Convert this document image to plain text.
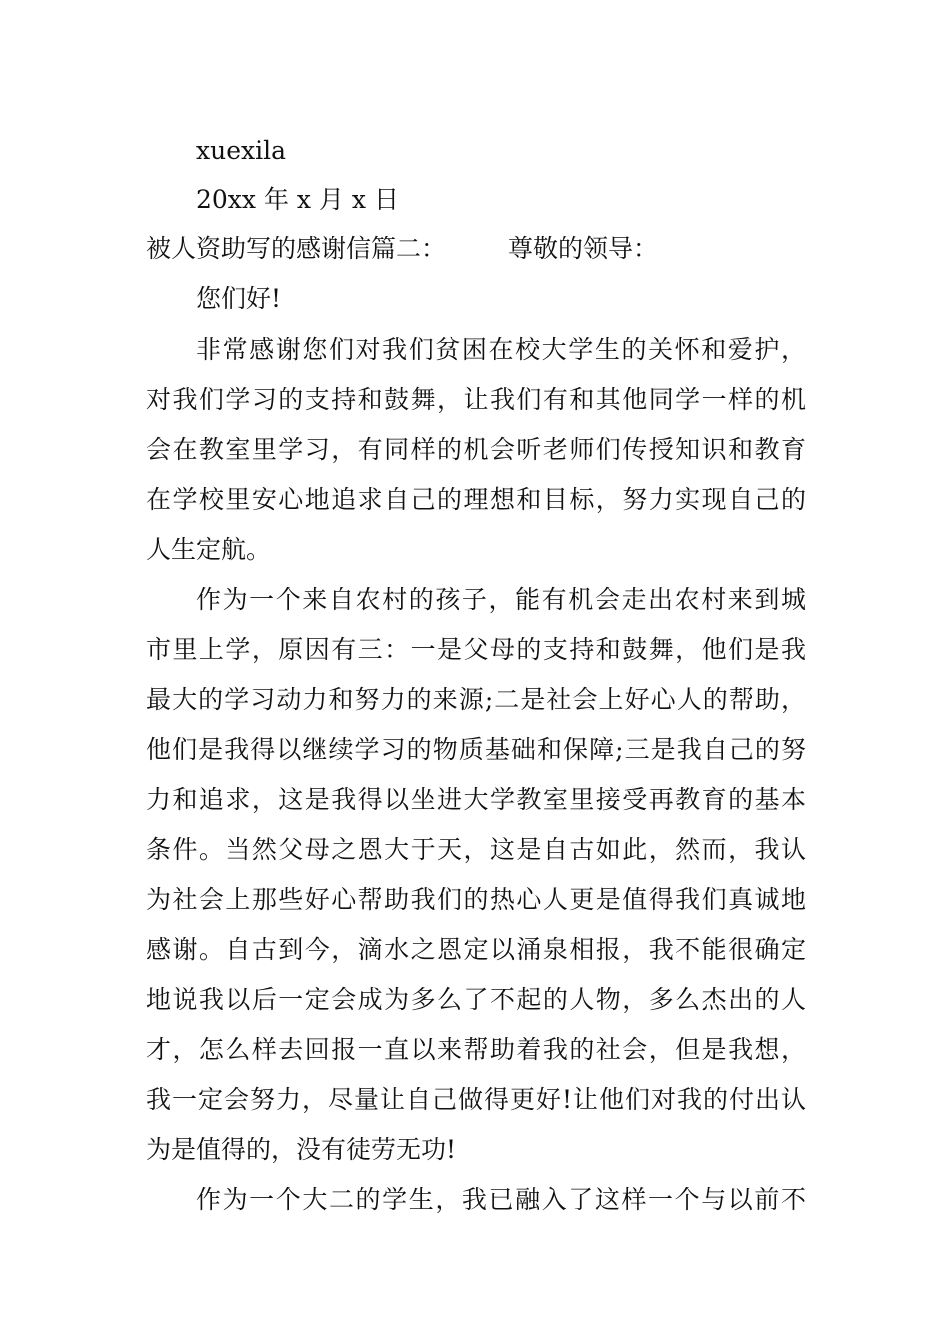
xuexila
20xx 年 x 月 x 日
被人资助写的感谢信篇二： 尊敬的领导：
您们好!
非常感谢您们对我们贫困在校大学生的关怀和爱护，
对我们学习的支持和鼓舞，让我们有和其他同学一样的机
会在教室里学习，有同样的机会听老师们传授知识和教育
在学校里安心地追求自己的理想和目标，努力实现自己的
人生定航。
作为一个来自农村的孩子，能有机会走出农村来到城
市里上学，原因有三：一是父母的支持和鼓舞，他们是我
最大的学习动力和努力的来源;二是社会上好心人的帮助，
他们是我得以继续学习的物质基础和保障;三是我自己的努
力和追求，这是我得以坐进大学教室里接受再教育的基本
条件。当然父母之恩大于天，这是自古如此，然而，我认
为社会上那些好心帮助我们的热心人更是值得我们真诚地
感谢。自古到今，滴水之恩定以涌泉相报，我不能很确定
地说我以后一定会成为多么了不起的人物，多么杰出的人
才，怎么样去回报一直以来帮助着我的社会，但是我想，
我一定会努力，尽量让自己做得更好!让他们对我的付出认
为是值得的，没有徒劳无功!
作为一个大二的学生，我已融入了这样一个与以前不
